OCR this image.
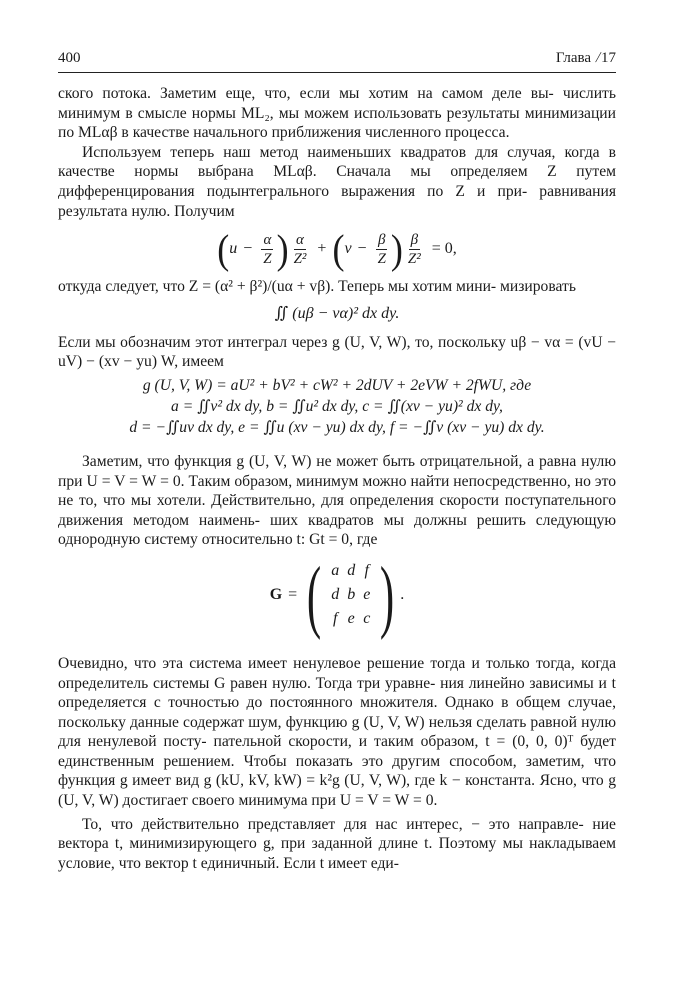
400	Глава /17

ского потока. Заметим еще, что, если мы хотим на самом деле вы- числить минимум в смысле нормы ML₂, мы можем использовать результаты минимизации по MLαβ в качестве начального приближения численного процесса.

Используем теперь наш метод наименьших квадратов для случая, когда в качестве нормы выбрана MLαβ. Сначала мы определяем Z путем дифференцирования подынтегрального выражения по Z и при- равнивания результата нулю. Получим

( $u - \frac{\alpha}{Z}$ ) $\frac{\alpha}{\text{Z²}}$ + ( $v - \frac{\beta}{Z}$ ) $\frac{\beta}{\text{Z²}} = 0$,

откуда следует, что Z = (α² + β²)/(uα + vβ). Теперь мы хотим мини- мизировать

∬ (uβ − vα)² dx dy.

Если мы обозначим этот интеграл через g (U, V, W), то, поскольку uβ − vα = (vU − uV) − (xv − yu) W, имеем

g (U, V, W) = aU² + bV² + cW² + 2dUV + 2eVW + 2fWU, где
a = ∬v² dx dy, b = ∬u² dx dy, c = ∬(xv − yu)² dx dy,
d = −∬uv dx dy, e = ∬u (xv − yu) dx dy, f = −∬v (xv − yu) dx dy.

Заметим, что функция g (U, V, W) не может быть отрицательной, а равна нулю при U = V = W = 0. Таким образом, минимум можно найти непосредственно, но это не то, что мы хотели. Действительно, для определения скорости поступательного движения методом наимень- ших квадратов мы должны решить следующую однородную систему относительно t: Gt = 0, где

G = ( a	d	f
d	b	e
f	e	c ) .

Очевидно, что эта система имеет ненулевое решение тогда и только тогда, когда определитель системы G равен нулю. Тогда три уравне- ния линейно зависимы и t определяется с точностью до постоянного множителя. Однако в общем случае, поскольку данные содержат шум, функцию g (U, V, W) нельзя сделать равной нулю для ненулевой посту- пательной скорости, и таким образом, t = (0, 0, 0)ᵀ будет единственным решением. Чтобы показать это другим способом, заметим, что функция g имеет вид g (kU, kV, kW) = k²g (U, V, W), где k − константа. Ясно, что g (U, V, W) достигает своего минимума при U = V = W = 0.

То, что действительно представляет для нас интерес, − это направле- ние вектора t, минимизирующего g, при заданной длине t. Поэтому мы накладываем условие, что вектор t единичный. Если t имеет еди-
